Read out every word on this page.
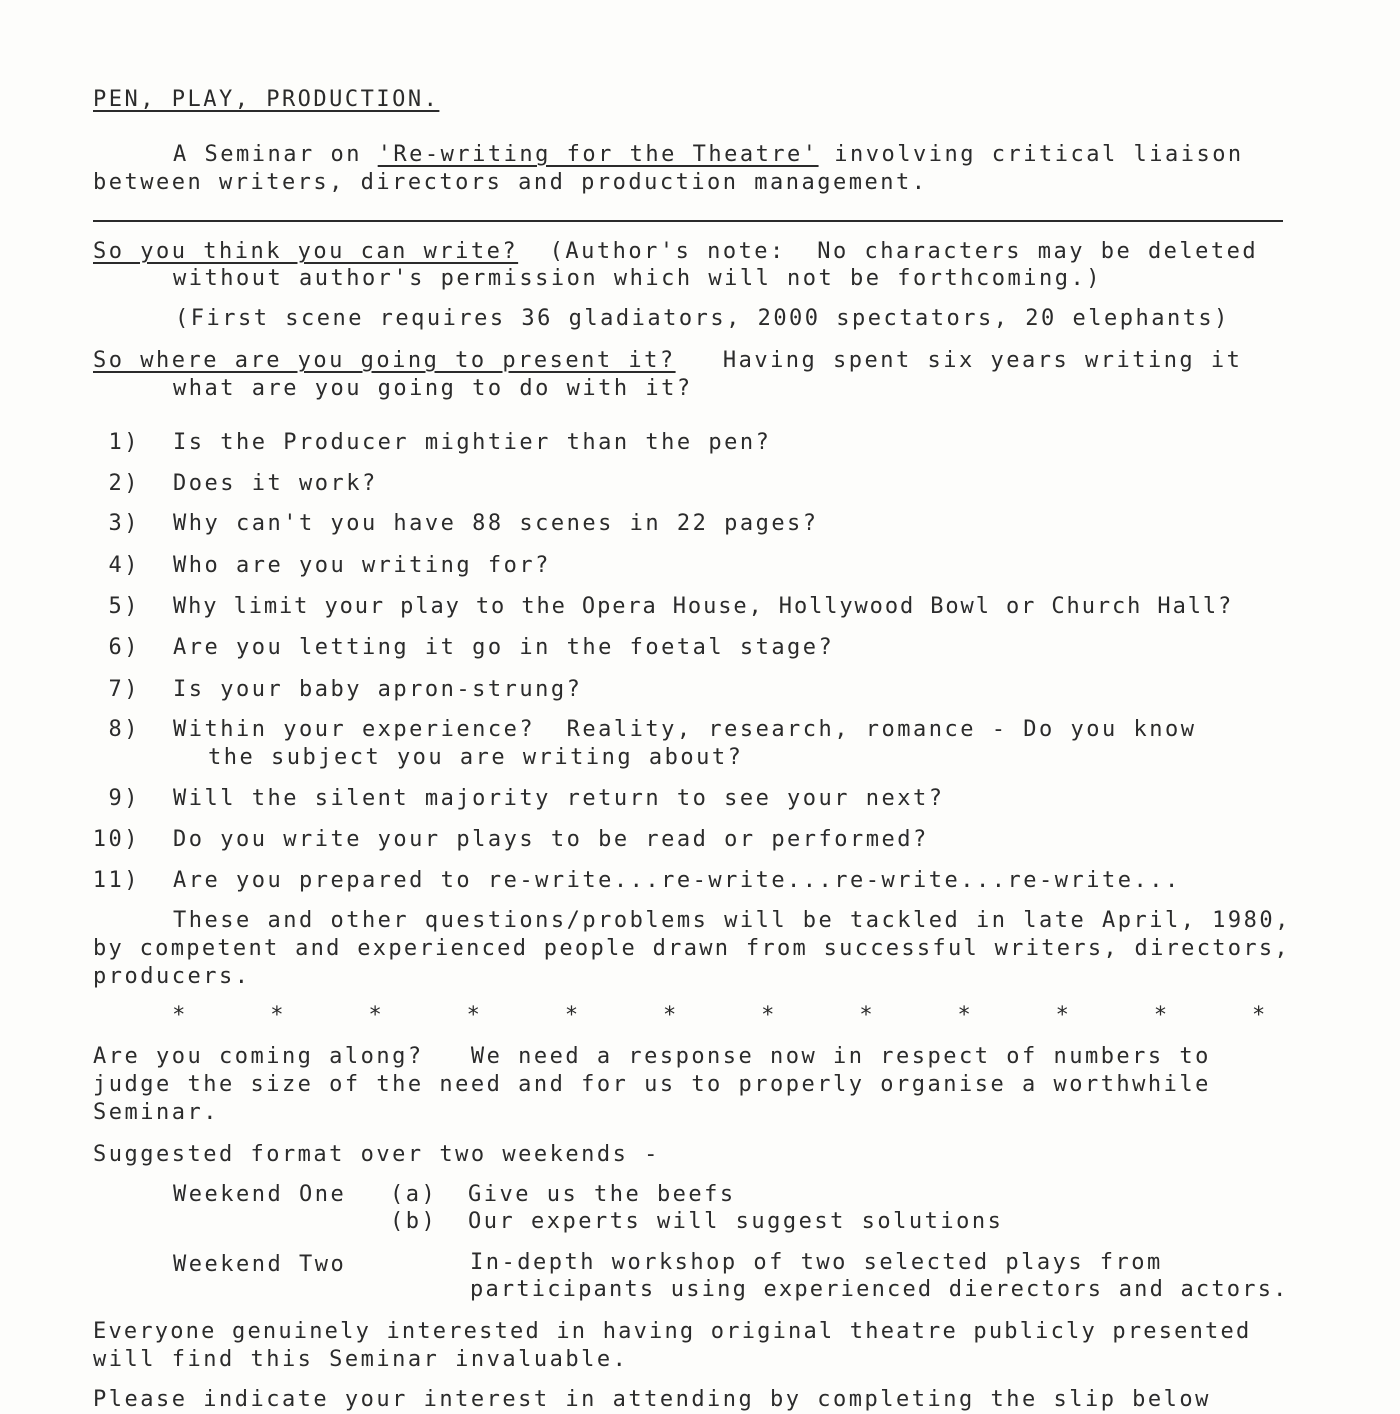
PEN, PLAY, PRODUCTION.
A Seminar on 'Re-writing for the Theatre' involving critical liaison
between writers, directors and production management.
So you think you can write? (Author's note:  No characters may be deleted
without author's permission which will not be forthcoming.)
(First scene requires 36 gladiators, 2000 spectators, 20 elephants)
So where are you going to present it? Having spent six years writing it
what are you going to do with it?
1) Is the Producer mightier than the pen?
2) Does it work?
3) Why can't you have 88 scenes in 22 pages?
4) Who are you writing for?
5) Why limit your play to the Opera House, Hollywood Bowl or Church Hall?
6) Are you letting it go in the foetal stage?
7) Is your baby apron-strung?
8) Within your experience?  Reality, research, romance - Do you know
the subject you are writing about?
9) Will the silent majority return to see your next?
10) Do you write your plays to be read or performed?
11) Are you prepared to re-write...re-write...re-write...re-write...
These and other questions/problems will be tackled in late April, 1980,
by competent and experienced people drawn from successful writers, directors,
producers.
*	*	*	*	*	*	*	*	*	*	*	*
Are you coming along?   We need a response now in respect of numbers to
judge the size of the need and for us to properly organise a worthwhile
Seminar.
Suggested format over two weekends -
Weekend One (a) Give us the beefs
(b) Our experts will suggest solutions
Weekend Two	In-depth workshop of two selected plays from
participants using experienced dierectors and actors.
Everyone genuinely interested in having original theatre publicly presented
will find this Seminar invaluable.
Please indicate your interest in attending by completing the slip below
